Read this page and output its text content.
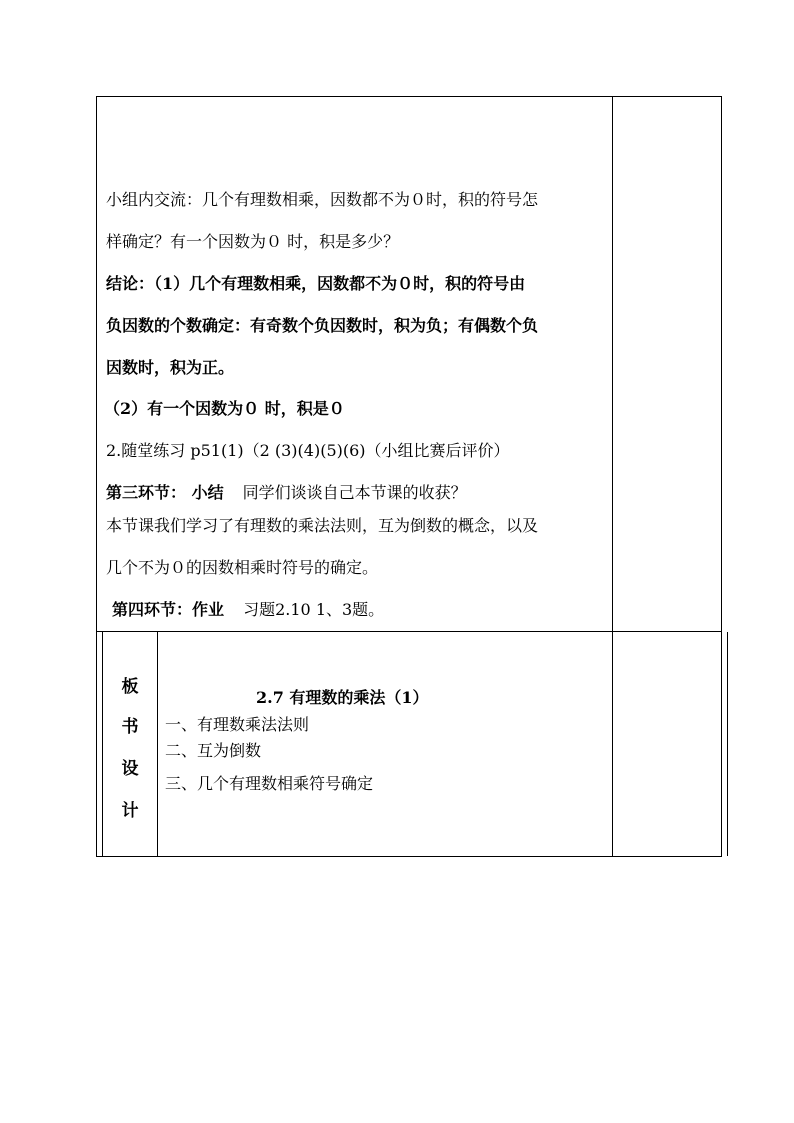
小组内交流：几个有理数相乘，因数都不为０时，积的符号怎
样确定？有一个因数为０ 时，积是多少？
结论：（1）几个有理数相乘，因数都不为０时，积的符号由
负因数的个数确定：有奇数个负因数时，积为负；有偶数个负
因数时，积为正。
（2）有一个因数为０ 时，积是０
2.随堂练习 p51(1)（2 (3)(4)(5)(6)（小组比赛后评价）
第三环节： 小结 同学们谈谈自己本节课的收获？
本节课我们学习了有理数的乘法法则，互为倒数的概念，以及
几个不为０的因数相乘时符号的确定。
第四环节：作业 习题2.10 1、3题。
板
书
设
计
2.7 有理数的乘法（1）
一、有理数乘法法则
二、互为倒数
三、几个有理数相乘符号确定
